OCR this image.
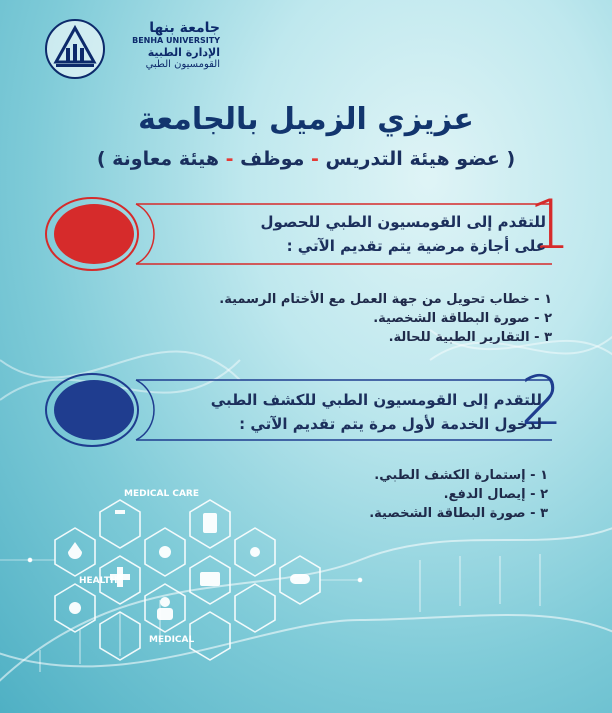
MEDICAL CARE
HEALTH
MEDICAL
جامعة بنها
BENHA UNIVERSITY
الإدارة الطبية
القومسيون الطبي
عزيزي الزميل بالجامعة
( عضو هيئة التدريس - موظف - هيئة معاونة )
1
للتقدم إلى القومسيون الطبي للحصول
على أجازة مرضية يتم تقديم الآتي :
١ - خطاب تحويل من جهة العمل مع الأختام الرسمية.
٢ - صورة البطاقة الشخصية.
٣ - التقارير الطبية للحالة.
2
للتقدم إلى القومسيون الطبي للكشف الطبي
لدخول الخدمة لأول مرة يتم تقديم الآتي :
١ - إستمارة الكشف الطبي.
٢ - إيصال الدفع.
٣ - صورة البطاقة الشخصية.
